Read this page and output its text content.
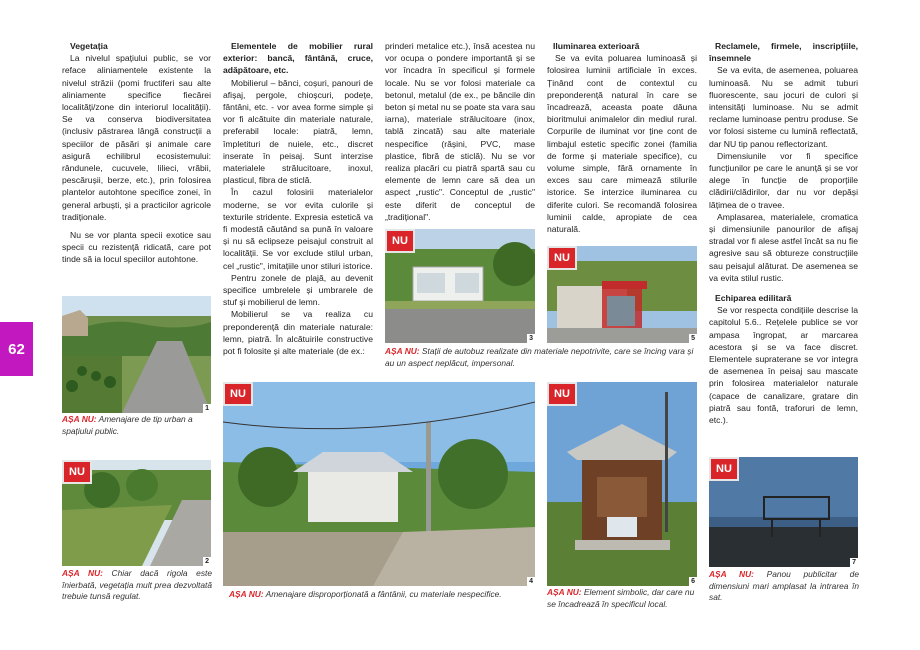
62
Vegetația

La nivelul spațiului public, se vor reface aliniamentele existente la nivelul străzii (pomi fructiferi sau alte aliniamente specifice fiecărei localități/zone din interiorul localității). Se va conserva biodiversitatea (inclusiv păstrarea lângă construcții a speciilor de păsări și animale care asigură echilibrul ecosistemului: rândunele, cucuvele, lilieci, vrăbii, pescărușii, berze, etc.), prin folosirea plantelor autohtone specifice zonei, în general arbuști, și a practicilor agricole tradiționale.

Nu se vor planta specii exotice sau specii cu rezistență ridicată, care pot tinde să ia locul speciilor autohtone.

1
AȘA NU: Amenajare de tip urban a spațiului public.
NU
2
AȘA NU: Chiar dacă rigola este înierbată, vegetația mult prea dezvoltată trebuie tunsă regulat.
Elementele de mobilier rural exterior: bancă, fântână, cruce, adăpătoare, etc.

Mobilierul – bănci, coșuri, panouri de afișaj, pergole, chioșcuri, podețe, fântâni, etc. - vor avea forme simple și vor fi alcătuite din materiale naturale, preferabil locale: piatră, lemn, împletituri de nuiele, etc., discret inserate în peisaj. Sunt interzise materialele strălucitoare, inoxul, plasticul, fibra de sticlă.

În cazul folosirii materialelor moderne, se vor evita culorile și texturile stridente. Expresia estetică va fi modestă căutând sa pună în valoare și nu să eclipseze peisajul construit al localității. Se vor exclude stilul urban, cel „rustic", imitațiile unor stiluri istorice.

Pentru zonele de plajă, au devenit specifice umbrelele și umbrarele de stuf și mobilierul de lemn.

Mobilierul se va realiza cu preponderență din materiale naturale: lemn, piatră. În alcătuirile constructive pot fi folosite și alte materiale (de ex.:

prinderi metalice etc.), însă acestea nu vor ocupa o pondere importantă și se vor încadra în specificul și formele locale. Nu se vor folosi materiale ca betonul, metalul (de ex., pe băncile din beton și metal nu se poate sta vara sau iarna), materiale strălucitoare (inox, tablă zincată) sau alte materiale nespecifice (rășini, PVC, mase plastice, fibră de sticlă). Nu se vor realiza placări cu piatră spartă sau cu elemente de lemn care să dea un aspect „rustic". Conceptul de „rustic" este diferit de conceptul de „tradițional".

NU
3
AȘA NU: Stații de autobuz realizate din materiale nepotrivite, care se încing vara și au un aspect neplăcut, impersonal.
NU
4
AȘA NU: Amenajare disproporționată a fântânii, cu materiale nespecifice.
Iluminarea exterioară

Se va evita poluarea luminoasă și folosirea luminii artificiale în exces. Ținând cont de contextul cu preponderență natural în care se încadrează, aceasta poate dăuna bioritmului animalelor din mediul rural. Corpurile de iluminat vor ține cont de limbajul estetic specific zonei (familia de forme și materiale specifice), cu volume simple, fără ornamente în exces sau care mimează stilurile istorice. Se interzice iluminarea cu diferite culori. Se recomandă folosirea luminii calde, apropiate de cea naturală.

NU
5
NU
6
AȘA NU: Element simbolic, dar care nu se încadrează în specificul local.
Reclamele, firmele, inscripțiile, însemnele

Se va evita, de asemenea, poluarea luminoasă. Nu se admit tuburi fluorescente, sau jocuri de culori și intensități luminoase. Nu se admit reclame luminoase pentru produse. Se vor folosi sisteme cu lumină reflectată, dar NU tip panou reflectorizant.

Dimensiunile vor fi specifice funcțiunilor pe care le anunță și se vor alege în funcție de proporțiile clădirii/clădirilor, dar nu vor depăși lățimea de o travee.

Amplasarea, materialele, cromatica și dimensiunile panourilor de afișaj stradal vor fi alese astfel încât sa nu fie agresive sau să obtureze construcțiile sau peisajul alăturat. De asemenea se va evita stilul rustic.

Echiparea edilitară

Se vor respecta condițiile descrise la capitolul 5.6.. Rețelele publice se vor ampasa îngropat, ar marcarea acestora și se va face discret. Elementele supraterane se vor integra de asemenea în peisaj sau mascate prin folosirea materialelor naturale (capace de canalizare, gratare din piatră sau fontă, traforuri de lemn, etc.).

NU
7
AȘA NU: Panou publicitar de dimensiuni mari amplasat la intrarea în sat.
